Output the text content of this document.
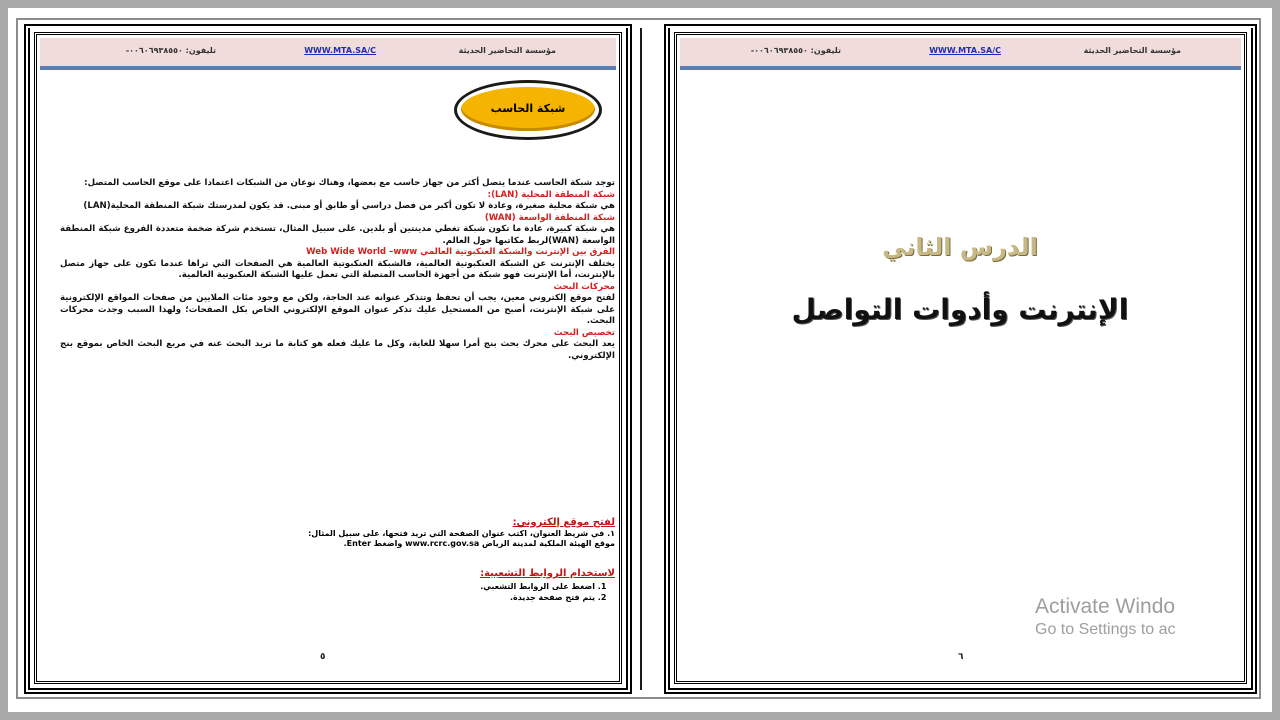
مؤسسة التحاضير الحديثة
WWW.MTA.SA/C
تليفون: ٠٠٦٠٦٩٣٨٥٥٠-
شبكة الحاسب

توجد شبكة الحاسب عندما يتصل أكثر من جهاز حاسب مع بعضها، وهناك نوعان من الشبكات اعتمادا على موقع الحاسب المتصل:

شبكة المنطقة المحلية (LAN):

هي شبكة محلية صغيرة، وعادة لا تكون أكبر من فصل دراسي أو طابق أو مبنى. قد يكون لمدرستك شبكة المنطقة المحلية(LAN)

شبكة المنطقة الواسعة (WAN)

هي شبكة كبيرة، عادة ما تكون شبكة تغطي مدينتين أو بلدين. على سبيل المثال، تستخدم شركة ضخمة متعددة الفروع شبكة المنطقة الواسعة (WAN)لربط مكاتبها حول العالم.

الفرق بين الإنترنت والشبكة العنكبوتية العالمي Web Wide World –www

يختلف الإنترنت عن الشبكة العنكبوتية العالمية، فالشبكة العنكبوتية العالمية هي الصفحات التي تراها عندما تكون على جهاز متصل بالإنترنت، أما الإنترنت فهو شبكة من أجهزة الحاسب المتصلة التي تعمل عليها الشبكة العنكبوتية العالمية.

محركات البحث

لفتح موقع إلكتروني معين، يجب أن تحفظ وتتذكر عنوانه عند الحاجة، ولكن مع وجود مئات الملايين من صفحات المواقع الإلكترونية على شبكة الإنترنت، أصبح من المستحيل عليك تذكر عنوان الموقع الإلكتروني الخاص بكل الصفحات؛ ولهذا السبب وجدت محركات البحث.

تخصيص البحث

يعد البحث على محرك بحث بنج أمرا سهلا للغاية، وكل ما عليك فعله هو كتابة ما تريد البحث عنه في مربع البحث الخاص بموقع بنج الإلكتروني.

لفتح موقع إلكتروني:
١. في شريط العنوان، اكتب عنوان الصفحة التي تريد فتحها، على سبيل المثال:
موقع الهيئة الملكية لمدينة الرياض www.rcrc.gov.sa واضغط Enter.
لاستخدام الروابط التشعبية:
1. اضغط على الروابط التشعبي.
2. يتم فتح صفحة جديدة.
٥
مؤسسة التحاضير الحديثة
WWW.MTA.SA/C
تليفون: ٠٠٦٠٦٩٣٨٥٥٠-
الدرس الثاني
الإنترنت وأدوات التواصل
٦
Activate Windo
Go to Settings to ac
